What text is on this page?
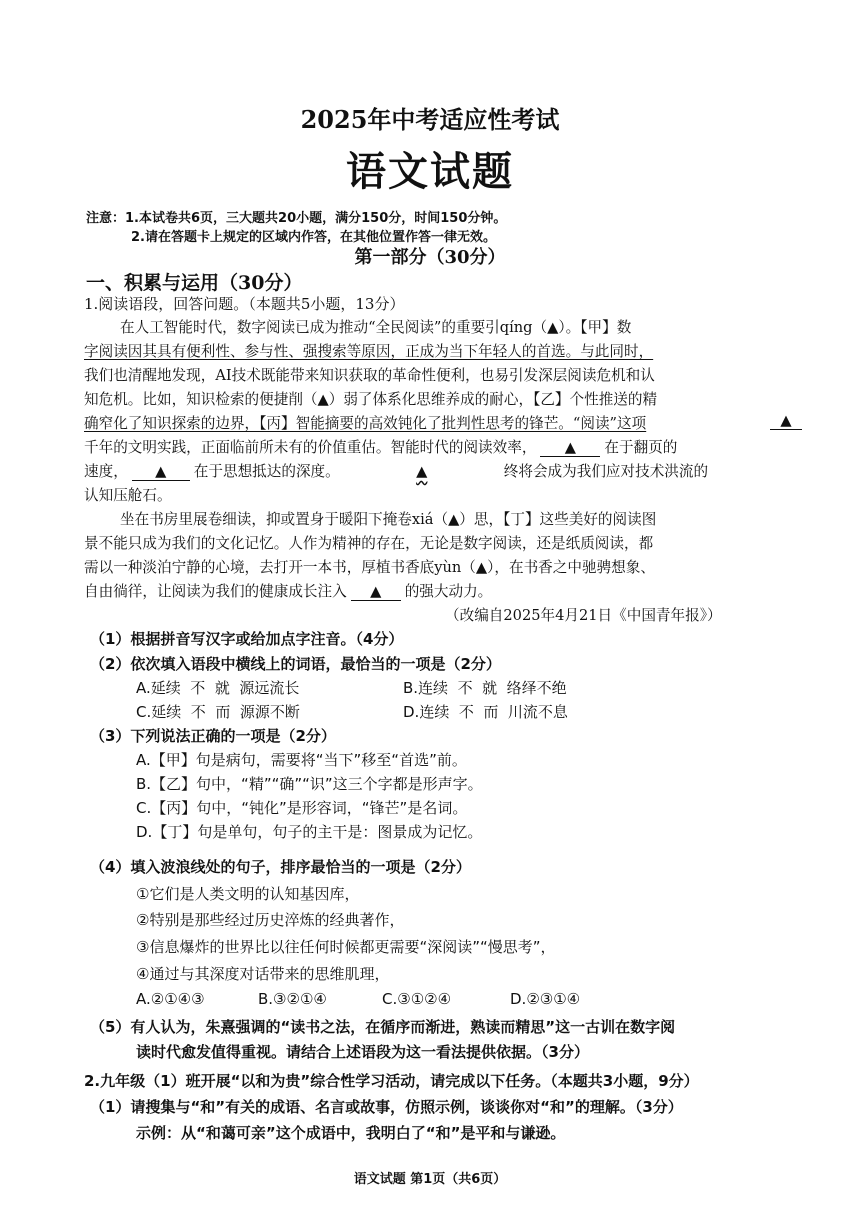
2025年中考适应性考试
语文试题
注意：1.本试卷共6页，三大题共20小题，满分150分，时间150分钟。
2.请在答题卡上规定的区域内作答，在其他位置作答一律无效。
第一部分（30分）
一、积累与运用（30分）
1.阅读语段，回答问题。（本题共5小题，13分）
在人工智能时代，数字阅读已成为推动“全民阅读”的重要引qíng（▲）。【甲】数
字阅读因其具有便利性、参与性、强搜索等原因，正成为当下年轻人的首选。与此同时，
我们也清醒地发现，AI技术既能带来知识获取的革命性便利，也易引发深层阅读危机和认
知危机。比如，知识检索的便捷削（▲）弱了体系化思维养成的耐心，【乙】个性推送的精
确窄化了知识探索的边界，【丙】智能摘要的高效钝化了批判性思考的锋芒。“阅读”这项	▲
千年的文明实践，正面临前所未有的价值重估。智能时代的阅读效率， ▲ 在于翻页的
速度， ▲ 在于思想抵达的深度。	▲	终将会成为我们应对技术洪流的
认知压舱石。
坐在书房里展卷细读，抑或置身于暖阳下掩卷xiá（▲）思，【丁】这些美好的阅读图
景不能只成为我们的文化记忆。人作为精神的存在，无论是数字阅读，还是纸质阅读，都
需以一种淡泊宁静的心境，去打开一本书，厚植书香底yùn（▲），在书香之中驰骋想象、
自由徜徉，让阅读为我们的健康成长注入 ▲ 的强大动力。
（改编自2025年4月21日《中国青年报》）
（1）根据拼音写汉字或给加点字注音。（4分）
（2）依次填入语段中横线上的词语，最恰当的一项是（2分）
A.延续  不  就  源远流长	B.连续  不  就  络绎不绝
C.延续  不  而  源源不断	D.连续  不  而  川流不息
（3）下列说法正确的一项是（2分）
A.【甲】句是病句，需要将“当下”移至“首选”前。
B.【乙】句中，“精”“确”“识”这三个字都是形声字。
C.【丙】句中，“钝化”是形容词，“锋芒”是名词。
D.【丁】句是单句，句子的主干是：图景成为记忆。
（4）填入波浪线处的句子，排序最恰当的一项是（2分）
①它们是人类文明的认知基因库，
②特别是那些经过历史淬炼的经典著作，
③信息爆炸的世界比以往任何时候都更需要“深阅读”“慢思考”，
④通过与其深度对话带来的思维肌理，
A.②①④③	B.③②①④	C.③①②④	D.②③①④
（5）有人认为，朱熹强调的“读书之法，在循序而渐进，熟读而精思”这一古训在数字阅
读时代愈发值得重视。请结合上述语段为这一看法提供依据。（3分）
2.九年级（1）班开展“以和为贵”综合性学习活动，请完成以下任务。（本题共3小题，9分）
（1）请搜集与“和”有关的成语、名言或故事，仿照示例，谈谈你对“和”的理解。（3分）
示例：从“和蔼可亲”这个成语中，我明白了“和”是平和与谦逊。
语文试题 第1页（共6页）
